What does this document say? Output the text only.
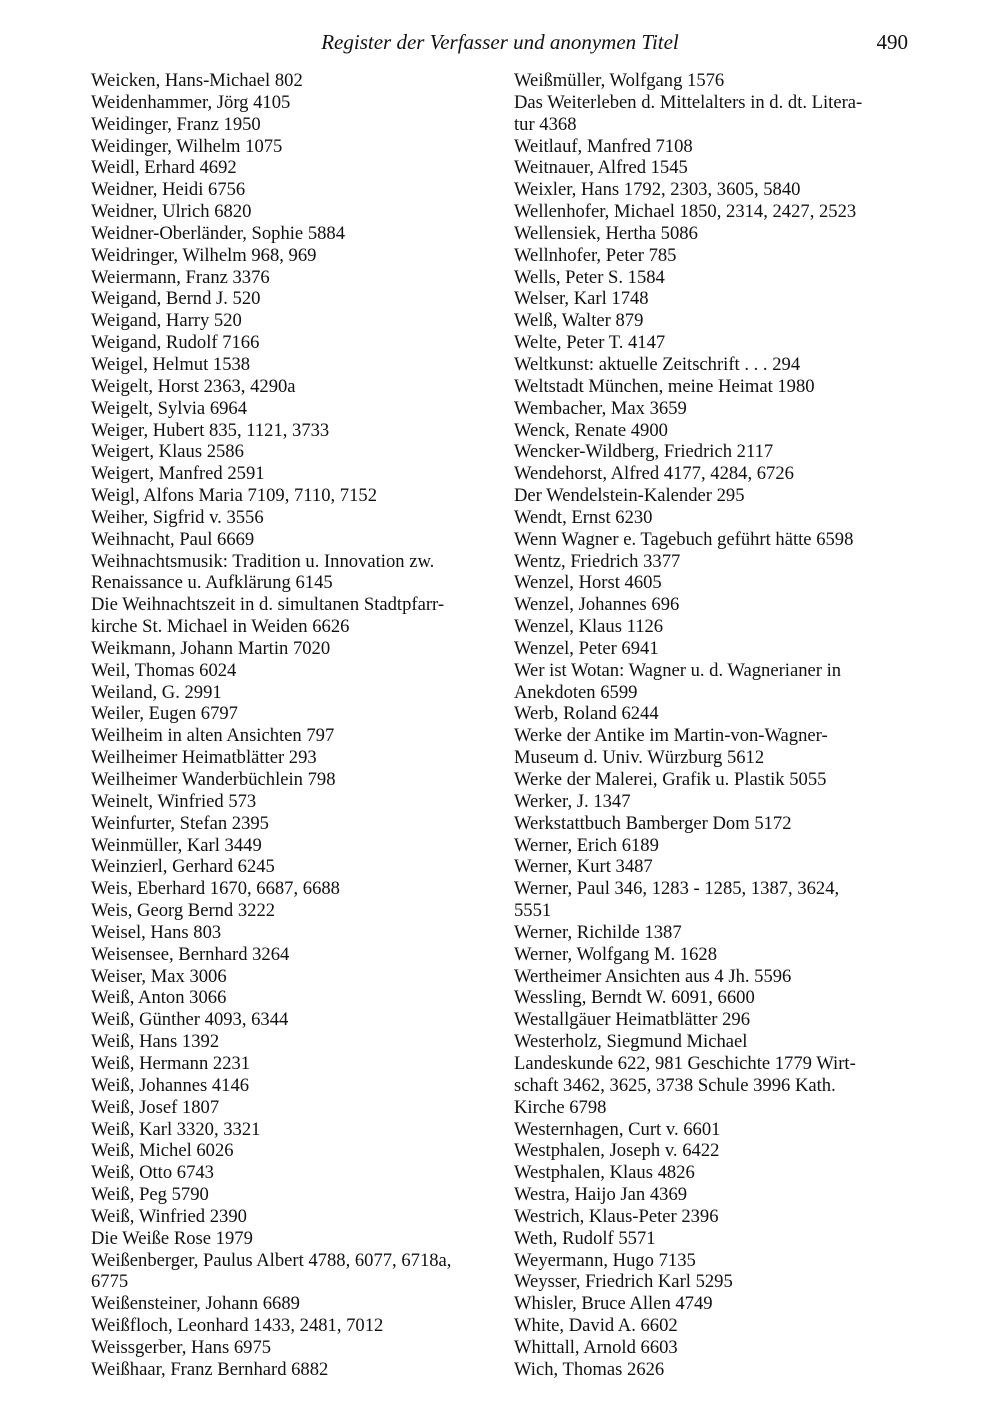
Register der Verfasser und anonymen Titel	490
Weicken, Hans-Michael 802
Weidenhammer, Jörg 4105
Weidinger, Franz 1950
Weidinger, Wilhelm 1075
Weidl, Erhard 4692
Weidner, Heidi 6756
Weidner, Ulrich 6820
Weidner-Oberländer, Sophie 5884
Weidringer, Wilhelm 968, 969
Weiermann, Franz 3376
Weigand, Bernd J. 520
Weigand, Harry 520
Weigand, Rudolf 7166
Weigel, Helmut 1538
Weigelt, Horst 2363, 4290a
Weigelt, Sylvia 6964
Weiger, Hubert 835, 1121, 3733
Weigert, Klaus 2586
Weigert, Manfred 2591
Weigl, Alfons Maria 7109, 7110, 7152
Weiher, Sigfrid v. 3556
Weihnacht, Paul 6669
Weihnachtsmusik: Tradition u. Innovation zw.
Renaissance u. Aufklärung 6145
Die Weihnachtszeit in d. simultanen Stadtpfarr-
kirche St. Michael in Weiden 6626
Weikmann, Johann Martin 7020
Weil, Thomas 6024
Weiland, G. 2991
Weiler, Eugen 6797
Weilheim in alten Ansichten 797
Weilheimer Heimatblätter 293
Weilheimer Wanderbüchlein 798
Weinelt, Winfried 573
Weinfurter, Stefan 2395
Weinmüller, Karl 3449
Weinzierl, Gerhard 6245
Weis, Eberhard 1670, 6687, 6688
Weis, Georg Bernd 3222
Weisel, Hans 803
Weisensee, Bernhard 3264
Weiser, Max 3006
Weiß, Anton 3066
Weiß, Günther 4093, 6344
Weiß, Hans 1392
Weiß, Hermann 2231
Weiß, Johannes 4146
Weiß, Josef 1807
Weiß, Karl 3320, 3321
Weiß, Michel 6026
Weiß, Otto 6743
Weiß, Peg 5790
Weiß, Winfried 2390
Die Weiße Rose 1979
Weißenberger, Paulus Albert 4788, 6077, 6718a,
6775
Weißensteiner, Johann 6689
Weißfloch, Leonhard 1433, 2481, 7012
Weissgerber, Hans 6975
Weißhaar, Franz Bernhard 6882
Weißmüller, Wolfgang 1576
Das Weiterleben d. Mittelalters in d. dt. Litera-
tur 4368
Weitlauf, Manfred 7108
Weitnauer, Alfred 1545
Weixler, Hans 1792, 2303, 3605, 5840
Wellenhofer, Michael 1850, 2314, 2427, 2523
Wellensiek, Hertha 5086
Wellnhofer, Peter 785
Wells, Peter S. 1584
Welser, Karl 1748
Welß, Walter 879
Welte, Peter T. 4147
Weltkunst: aktuelle Zeitschrift . . . 294
Weltstadt München, meine Heimat 1980
Wembacher, Max 3659
Wenck, Renate 4900
Wencker-Wildberg, Friedrich 2117
Wendehorst, Alfred 4177, 4284, 6726
Der Wendelstein-Kalender 295
Wendt, Ernst 6230
Wenn Wagner e. Tagebuch geführt hätte 6598
Wentz, Friedrich 3377
Wenzel, Horst 4605
Wenzel, Johannes 696
Wenzel, Klaus 1126
Wenzel, Peter 6941
Wer ist Wotan: Wagner u. d. Wagnerianer in
Anekdoten 6599
Werb, Roland 6244
Werke der Antike im Martin-von-Wagner-
Museum d. Univ. Würzburg 5612
Werke der Malerei, Grafik u. Plastik 5055
Werker, J. 1347
Werkstattbuch Bamberger Dom 5172
Werner, Erich 6189
Werner, Kurt 3487
Werner, Paul 346, 1283 - 1285, 1387, 3624,
5551
Werner, Richilde 1387
Werner, Wolfgang M. 1628
Wertheimer Ansichten aus 4 Jh. 5596
Wessling, Berndt W. 6091, 6600
Westallgäuer Heimatblätter 296
Westerholz, Siegmund Michael
Landeskunde 622, 981 Geschichte 1779 Wirt-
schaft 3462, 3625, 3738 Schule 3996 Kath.
Kirche 6798
Westernhagen, Curt v. 6601
Westphalen, Joseph v. 6422
Westphalen, Klaus 4826
Westra, Haijo Jan 4369
Westrich, Klaus-Peter 2396
Weth, Rudolf 5571
Weyermann, Hugo 7135
Weysser, Friedrich Karl 5295
Whisler, Bruce Allen 4749
White, David A. 6602
Whittall, Arnold 6603
Wich, Thomas 2626
